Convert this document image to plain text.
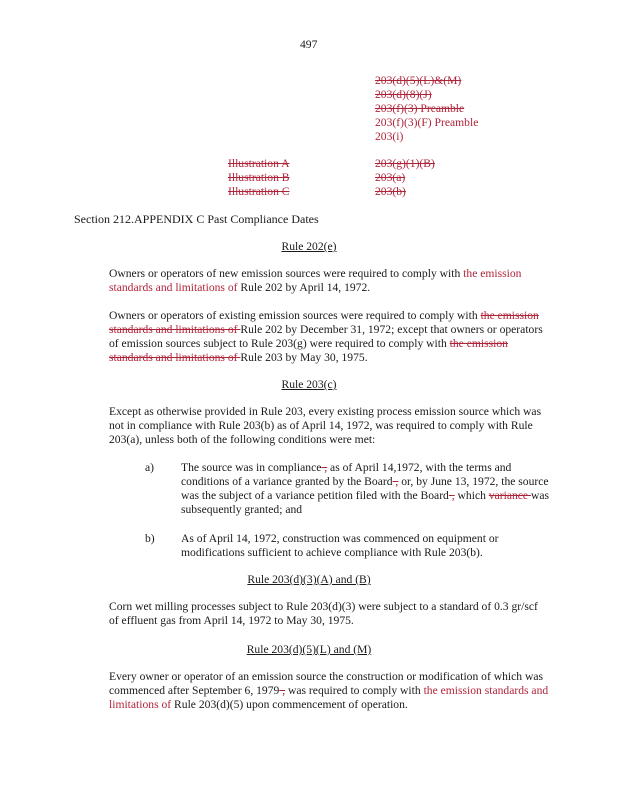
497
203(d)(5)(L)&(M)
203(d)(8)(J)
203(f)(3) Preamble
203(f)(3)(F) Preamble
203(i)
Illustration A
Illustration B
Illustration C
203(g)(1)(B)
203(a)
203(b)
Section 212.APPENDIX C Past Compliance Dates
Rule 202(e)

Owners or operators of new emission sources were required to comply with the emission standards and limitations of Rule 202 by April 14, 1972.

Owners or operators of existing emission sources were required to comply with the emission standards and limitations of Rule 202 by December 31, 1972; except that owners or operators of emission sources subject to Rule 203(g) were required to comply with the emission standards and limitations of Rule 203 by May 30, 1975.

Rule 203(c)

Except as otherwise provided in Rule 203, every existing process emission source which was not in compliance with Rule 203(b) as of April 14, 1972, was required to comply with Rule 203(a), unless both of the following conditions were met:

a) The source was in compliance , as of April 14,1972, with the terms and conditions of a variance granted by the Board , or, by June 13, 1972, the source was the subject of a variance petition filed with the Board , which variance was subsequently granted; and
b) As of April 14, 1972, construction was commenced on equipment or modifications sufficient to achieve compliance with Rule 203(b).
Rule 203(d)(3)(A) and (B)

Corn wet milling processes subject to Rule 203(d)(3) were subject to a standard of 0.3 gr/scf of effluent gas from April 14, 1972 to May 30, 1975.

Rule 203(d)(5)(L) and (M)

Every owner or operator of an emission source the construction or modification of which was commenced after September 6, 1979 , was required to comply with the emission standards and limitations of Rule 203(d)(5) upon commencement of operation.
